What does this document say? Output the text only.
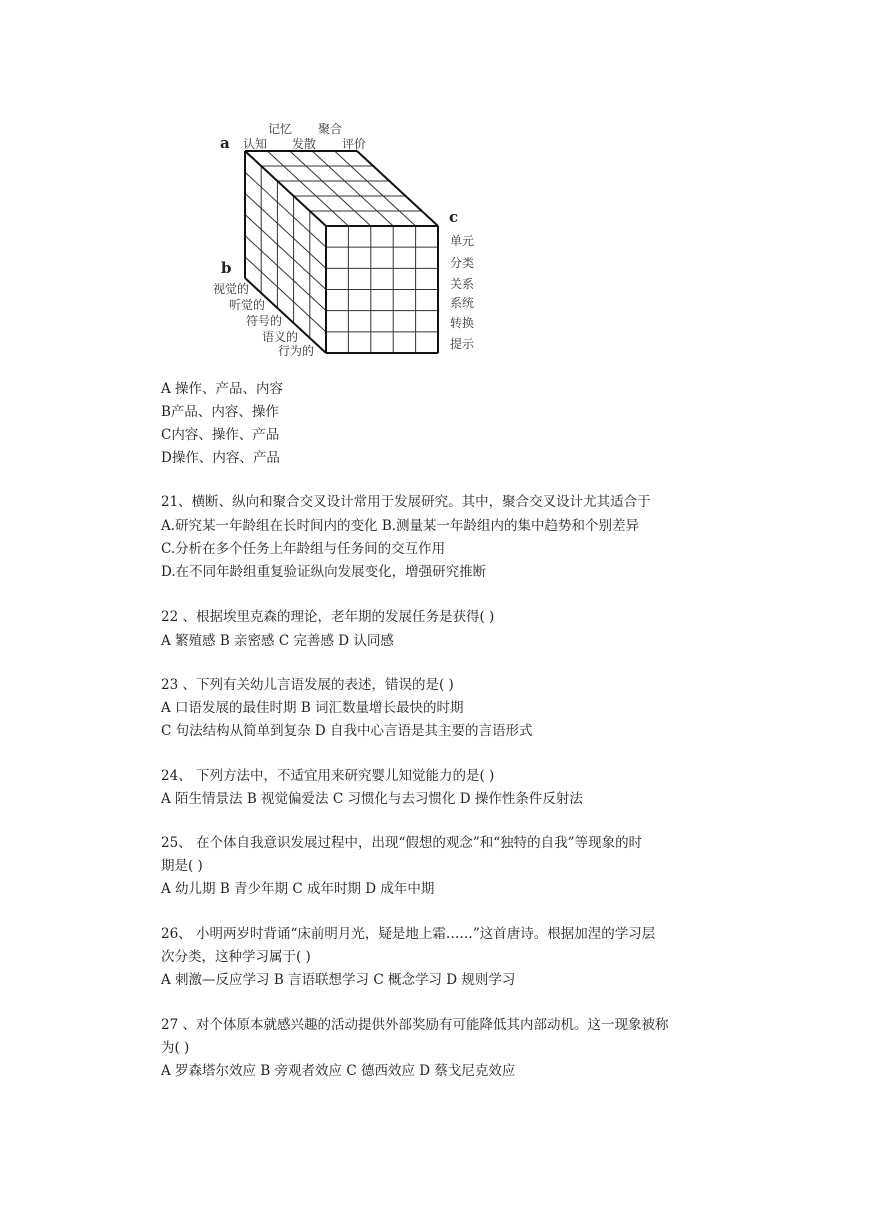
a
b
c
记忆 聚合
认知 发散 评价
视觉的
听觉的
符号的
语义的
行为的
单元
分类
关系
系统
转换
提示
A 操作、产品、内容
B产品、内容、操作
C内容、操作、产品
D操作、内容、产品
21、横断、纵向和聚合交叉设计常用于发展研究。其中，聚合交叉设计尤其适合于
A.研究某一年龄组在长时间内的变化 B.测量某一年龄组内的集中趋势和个别差异
C.分析在多个任务上年龄组与任务间的交互作用
D.在不同年龄组重复验证纵向发展变化，增强研究推断
22 、根据埃里克森的理论，老年期的发展任务是获得( )
A 繁殖感 B 亲密感 C 完善感 D 认同感
23 、下列有关幼儿言语发展的表述，错误的是( )
A 口语发展的最佳时期 B 词汇数量增长最快的时期
C 句法结构从简单到复杂 D 自我中心言语是其主要的言语形式
24、 下列方法中，不适宜用来研究婴儿知觉能力的是( )
A 陌生情景法 B 视觉偏爱法 C 习惯化与去习惯化 D 操作性条件反射法
25、 在个体自我意识发展过程中，出现“假想的观念”和“独特的自我”等现象的时
期是( )
A 幼儿期 B 青少年期 C 成年时期 D 成年中期
26、 小明两岁时背诵“床前明月光，疑是地上霜……”这首唐诗。根据加涅的学习层
次分类，这种学习属于( )
A 刺激—反应学习 B 言语联想学习 C 概念学习 D 规则学习
27 、对个体原本就感兴趣的活动提供外部奖励有可能降低其内部动机。这一现象被称
为( )
A 罗森塔尔效应 B 旁观者效应 C 德西效应 D 蔡戈尼克效应
